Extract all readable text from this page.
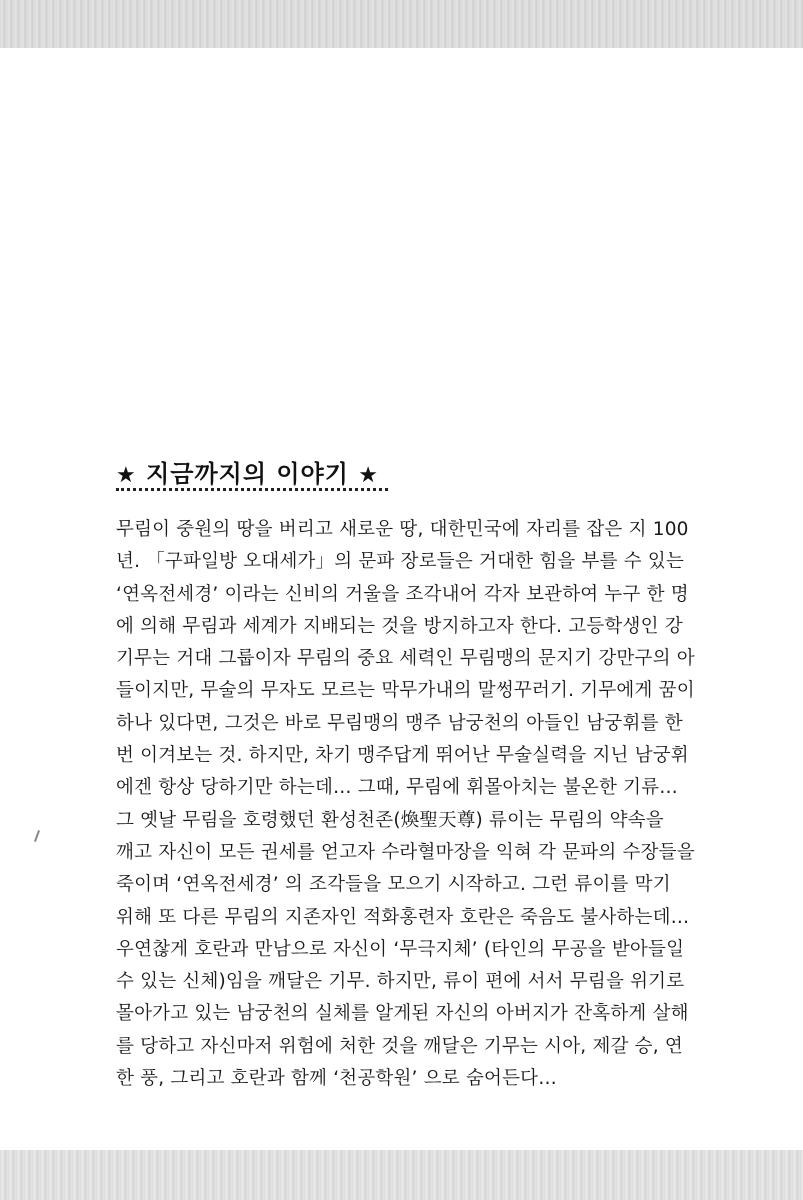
★ 지금까지의 이야기 ★
무림이 중원의 땅을 버리고 새로운 땅, 대한민국에 자리를 잡은 지 100
년. 「구파일방 오대세가」의 문파 장로들은 거대한 힘을 부를 수 있는
‘연옥전세경’ 이라는 신비의 거울을 조각내어 각자 보관하여 누구 한 명
에 의해 무림과 세계가 지배되는 것을 방지하고자 한다. 고등학생인 강
기무는 거대 그룹이자 무림의 중요 세력인 무림맹의 문지기 강만구의 아
들이지만, 무술의 무자도 모르는 막무가내의 말썽꾸러기. 기무에게 꿈이
하나 있다면, 그것은 바로 무림맹의 맹주 남궁천의 아들인 남궁휘를 한
번 이겨보는 것. 하지만, 차기 맹주답게 뛰어난 무술실력을 지닌 남궁휘
에겐 항상 당하기만 하는데… 그때, 무림에 휘몰아치는 불온한 기류…
그 옛날 무림을 호령했던 환성천존(煥聖天尊) 류이는 무림의 약속을
깨고 자신이 모든 권세를 얻고자 수라혈마장을 익혀 각 문파의 수장들을
죽이며 ‘연옥전세경’ 의 조각들을 모으기 시작하고. 그런 류이를 막기
위해 또 다른 무림의 지존자인 적화홍련자 호란은 죽음도 불사하는데…
우연찮게 호란과 만남으로 자신이 ‘무극지체’ (타인의 무공을 받아들일
수 있는 신체)임을 깨달은 기무. 하지만, 류이 편에 서서 무림을 위기로
몰아가고 있는 남궁천의 실체를 알게된 자신의 아버지가 잔혹하게 살해
를 당하고 자신마저 위험에 처한 것을 깨달은 기무는 시아, 제갈 승, 연
한 풍, 그리고 호란과 함께 ‘천공학원’ 으로 숨어든다…
